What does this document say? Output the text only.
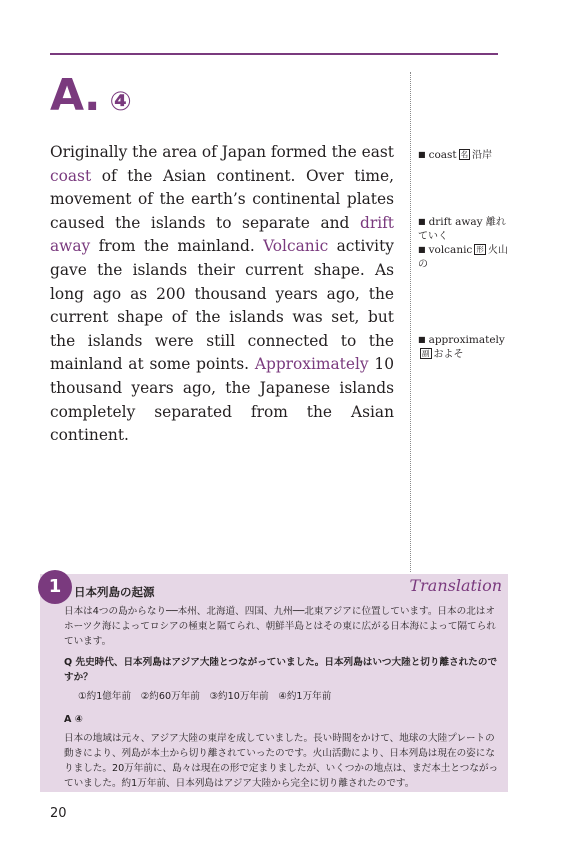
A. ④

Originally the area of Japan formed the east coast of the Asian continent. Over time, movement of the earth’s continental plates caused the islands to separate and drift away from the mainland. Volcanic activity gave the islands their current shape. As long ago as 200 thousand years ago, the current shape of the islands was set, but the islands were still connected to the mainland at some points. Approximately 10 thousand years ago, the Japanese islands completely separated from the Asian continent.

■ coast 名 沿岸
■ drift away 離れていく
■ volcanic 形 火山の
■ approximately
副 およそ
1	Translation
日本列島の起源

日本は4つの島からなり──本州、北海道、四国、九州──北東アジアに位置しています。日本の北はオホーツク海によってロシアの極東と隔てられ、朝鮮半島とはその東に広がる日本海によって隔てられています。

Q 先史時代、日本列島はアジア大陸とつながっていました。日本列島はいつ大陸と切り離されたのですか？

①約1億年前　②約60万年前　③約10万年前　④約1万年前

A ④

日本の地域は元々、アジア大陸の東岸を成していました。長い時間をかけて、地球の大陸プレートの動きにより、列島が本土から切り離されていったのです。火山活動により、日本列島は現在の姿になりました。20万年前に、島々は現在の形で定まりましたが、いくつかの地点は、まだ本土とつながっていました。約1万年前、日本列島はアジア大陸から完全に切り離されたのです。

20
